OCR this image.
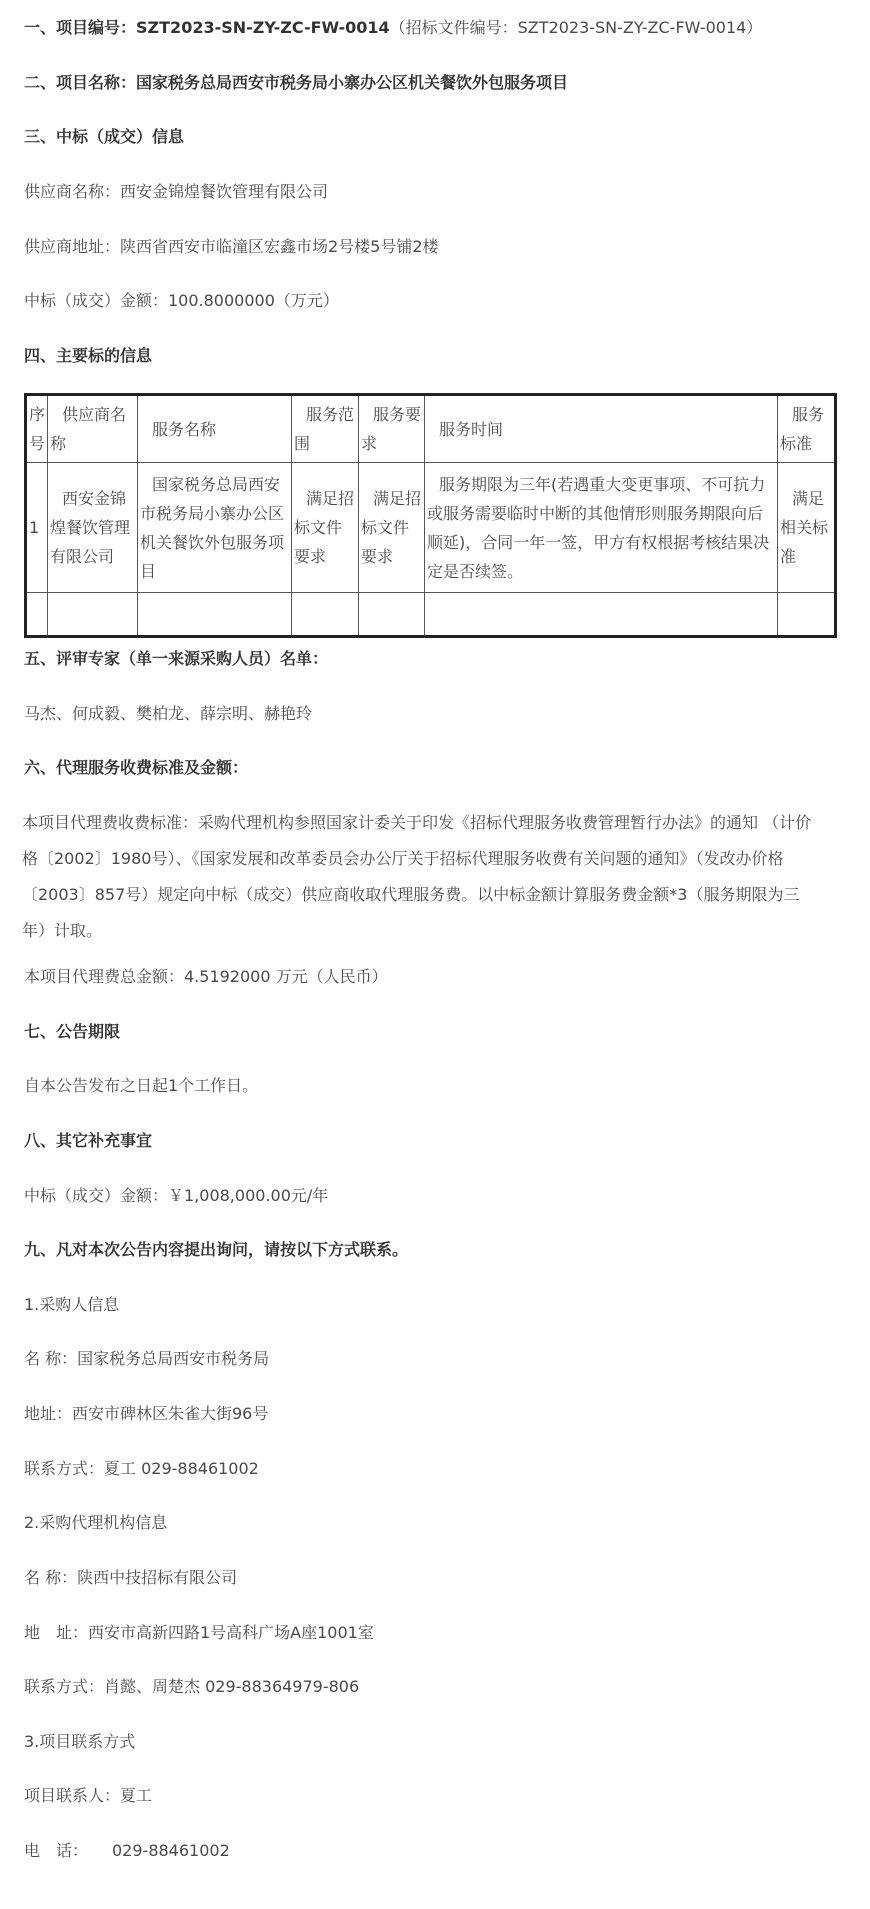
一、项目编号：SZT2023-SN-ZY-ZC-FW-0014（招标文件编号：SZT2023-SN-ZY-ZC-FW-0014）
二、项目名称：国家税务总局西安市税务局小寨办公区机关餐饮外包服务项目
三、中标（成交）信息
供应商名称：西安金锦煌餐饮管理有限公司
供应商地址：陕西省西安市临潼区宏鑫市场2号楼5号铺2楼
中标（成交）金额：100.8000000（万元）
四、主要标的信息
序号	供应商名称	服务名称	服务范围	服务要求	服务时间	服务标准
1	西安金锦煌餐饮管理有限公司	国家税务总局西安市税务局小寨办公区机关餐饮外包服务项目	满足招标文件要求	满足招标文件要求	服务期限为三年(若遇重大变更事项、不可抗力或服务需要临时中断的其他情形则服务期限向后顺延)，合同一年一签，甲方有权根据考核结果决定是否续签。	满足相关标准

五、评审专家（单一来源采购人员）名单：
马杰、何成毅、樊柏龙、薛宗明、赫艳玲
六、代理服务收费标准及金额：
本项目代理费收费标准：采购代理机构参照国家计委关于印发《招标代理服务收费管理暂行办法》的通知 （计价格〔2002〕1980号）、《国家发展和改革委员会办公厅关于招标代理服务收费有关问题的通知》（发改办价格〔2003〕857号）规定向中标（成交）供应商收取代理服务费。以中标金额计算服务费金额*3（服务期限为三年）计取。
本项目代理费总金额：4.5192000 万元（人民币）
七、公告期限
自本公告发布之日起1个工作日。
八、其它补充事宜
中标（成交）金额：￥1,008,000.00元/年
九、凡对本次公告内容提出询问，请按以下方式联系。
1.采购人信息
名 称：国家税务总局西安市税务局
地址：西安市碑林区朱雀大街96号
联系方式：夏工 029-88461002
2.采购代理机构信息
名 称：陕西中技招标有限公司
地　址：西安市高新四路1号高科广场A座1001室
联系方式：肖懿、周楚杰 029-88364979-806
3.项目联系方式
项目联系人：夏工
电　话：　　029-88461002
